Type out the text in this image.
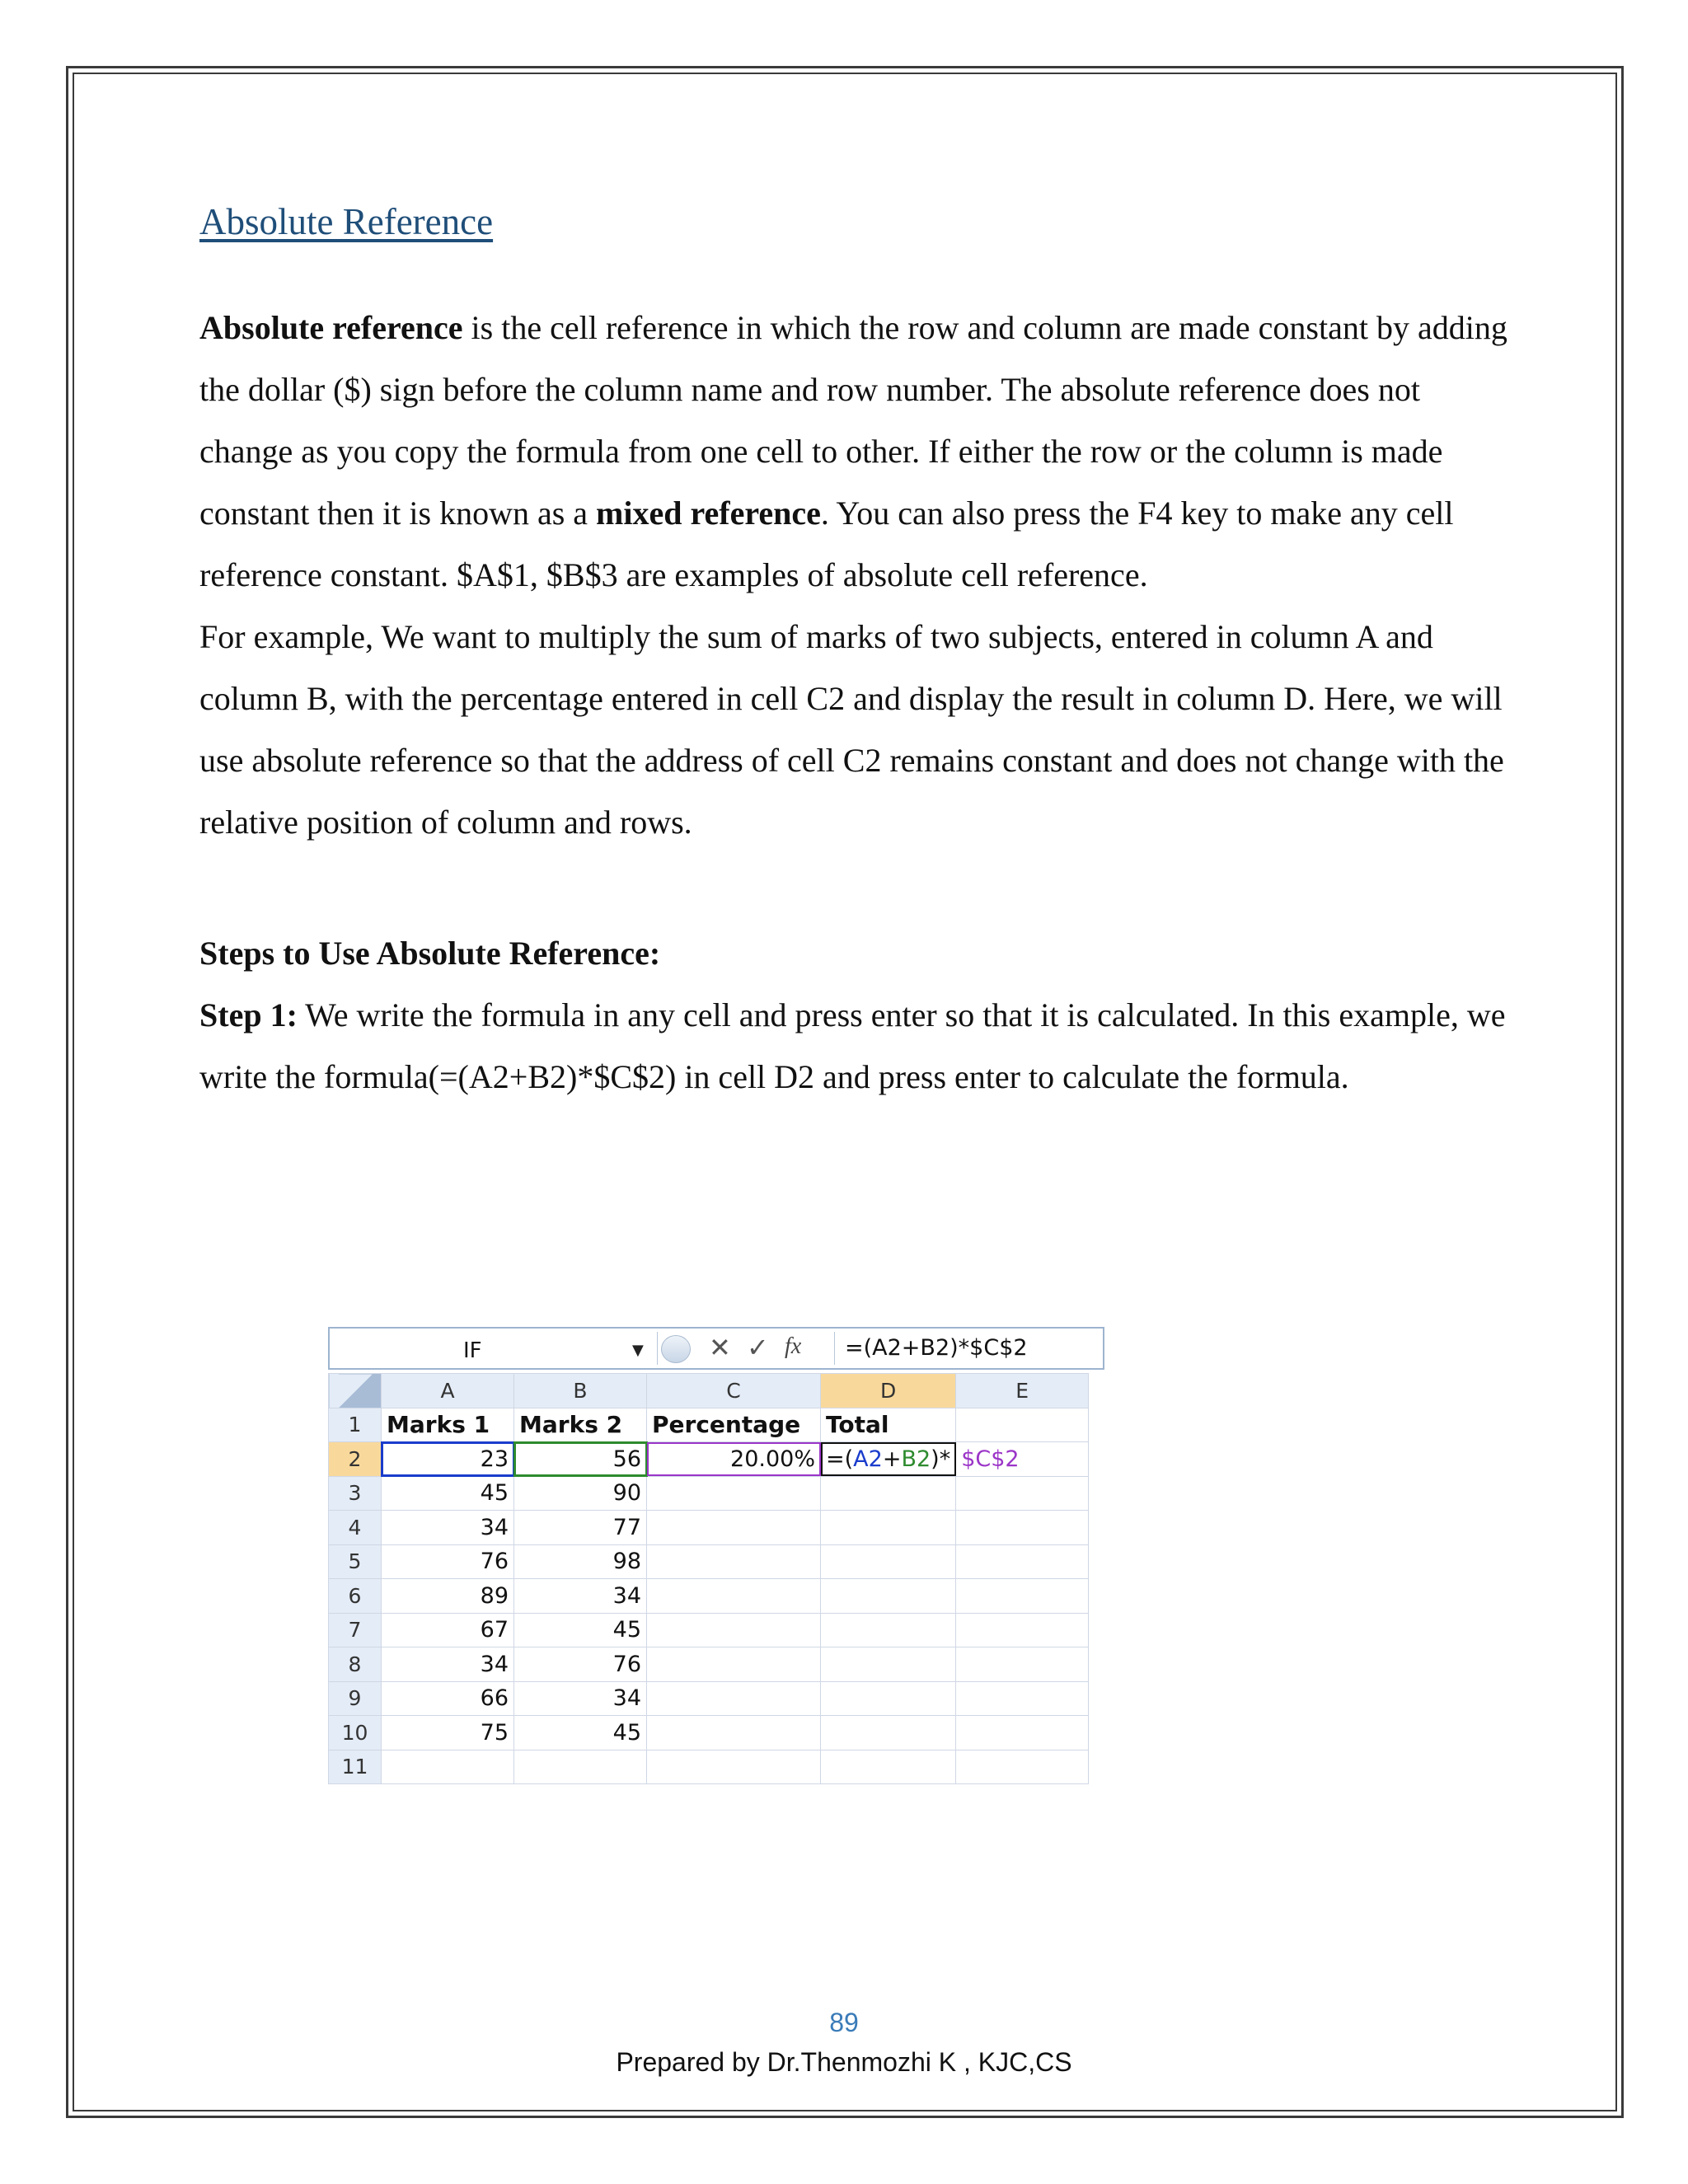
Absolute Reference

Absolute reference is the cell reference in which the row and column are made constant by adding the dollar ($) sign before the column name and row number. The absolute reference does not change as you copy the formula from one cell to other. If either the row or the column is made constant then it is known as a mixed reference. You can also press the F4 key to make any cell reference constant. $A$1, $B$3 are examples of absolute cell reference.

For example, We want to multiply the sum of marks of two subjects, entered in column A and column B, with the percentage entered in cell C2 and display the result in column D. Here, we will use absolute reference so that the address of cell C2 remains constant and does not change with the relative position of column and rows.

Steps to Use Absolute Reference:

Step 1: We write the formula in any cell and press enter so that it is calculated. In this example, we write the formula(=(A2+B2)*$C$2) in cell D2 and press enter to calculate the formula.

IF	▼ ✕ ✓ fx	=(A2+B2)*$C$2
	A	B	C	D	E
1	Marks 1	Marks 2	Percentage	Total	
2	23	56	20.00%	=(A2+B2)*	$C$2
3	45	90			
4	34	77			
5	76	98			
6	89	34			
7	67	45			
8	34	76			
9	66	34			
10	75	45			
11					
89
Prepared by Dr.Thenmozhi K , KJC,CS
